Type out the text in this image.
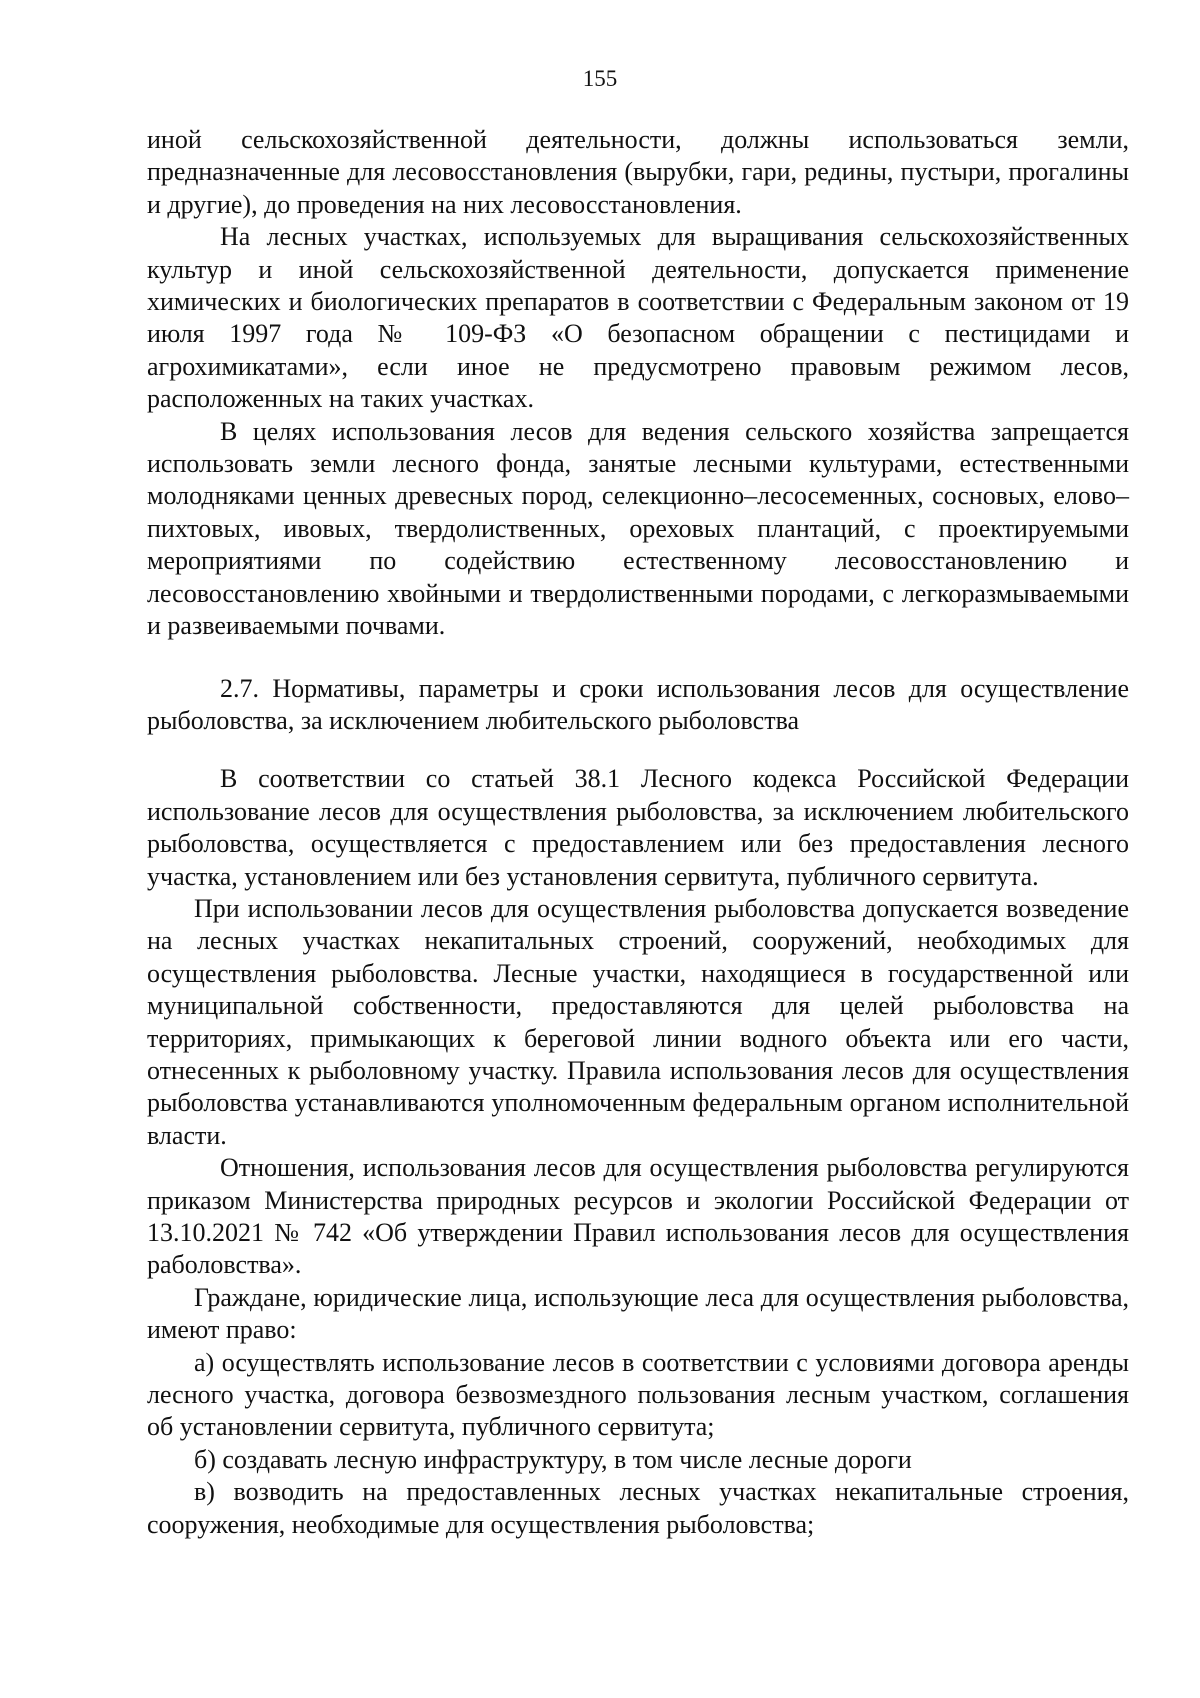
155

иной сельскохозяйственной деятельности, должны использоваться земли, предназначенные для лесовосстановления (вырубки, гари, редины, пустыри, прогалины и другие), до проведения на них лесовосстановления.

На лесных участках, используемых для выращивания сельскохозяйственных культур и иной сельскохозяйственной деятельности, допускается применение химических и биологических препаратов в соответствии с Федеральным законом от 19 июля 1997 года № 109-ФЗ «О безопасном обращении с пестицидами и агрохимикатами», если иное не предусмотрено правовым режимом лесов, расположенных на таких участках.

В целях использования лесов для ведения сельского хозяйства запрещается использовать земли лесного фонда, занятые лесными культурами, естественными молодняками ценных древесных пород, селекционно–лесосеменных, сосновых, елово–пихтовых, ивовых, твердолиственных, ореховых плантаций, с проектируемыми мероприятиями по содействию естественному лесовосстановлению и лесовосстановлению хвойными и твердолиственными породами, с легкоразмываемыми и развеиваемыми почвами.

2.7. Нормативы, параметры и сроки использования лесов для осуществление рыболовства, за исключением любительского рыболовства

В соответствии со статьей 38.1 Лесного кодекса Российской Федерации использование лесов для осуществления рыболовства, за исключением любительского рыболовства, осуществляется с предоставлением или без предоставления лесного участка, установлением или без установления сервитута, публичного сервитута.

При использовании лесов для осуществления рыболовства допускается возведение на лесных участках некапитальных строений, сооружений, необходимых для осуществления рыболовства. Лесные участки, находящиеся в государственной или муниципальной собственности, предоставляются для целей рыболовства на территориях, примыкающих к береговой линии водного объекта или его части, отнесенных к рыболовному участку. Правила использования лесов для осуществления рыболовства устанавливаются уполномоченным федеральным органом исполнительной власти.

Отношения, использования лесов для осуществления рыболовства регулируются приказом Министерства природных ресурсов и экологии Российской Федерации от 13.10.2021 № 742 «Об утверждении Правил использования лесов для осуществления раболовства».

Граждане, юридические лица, использующие леса для осуществления рыболовства, имеют право:

а) осуществлять использование лесов в соответствии с условиями договора аренды лесного участка, договора безвозмездного пользования лесным участком, соглашения об установлении сервитута, публичного сервитута;

б) создавать лесную инфраструктуру, в том числе лесные дороги

в) возводить на предоставленных лесных участках некапитальные строения, сооружения, необходимые для осуществления рыболовства;
